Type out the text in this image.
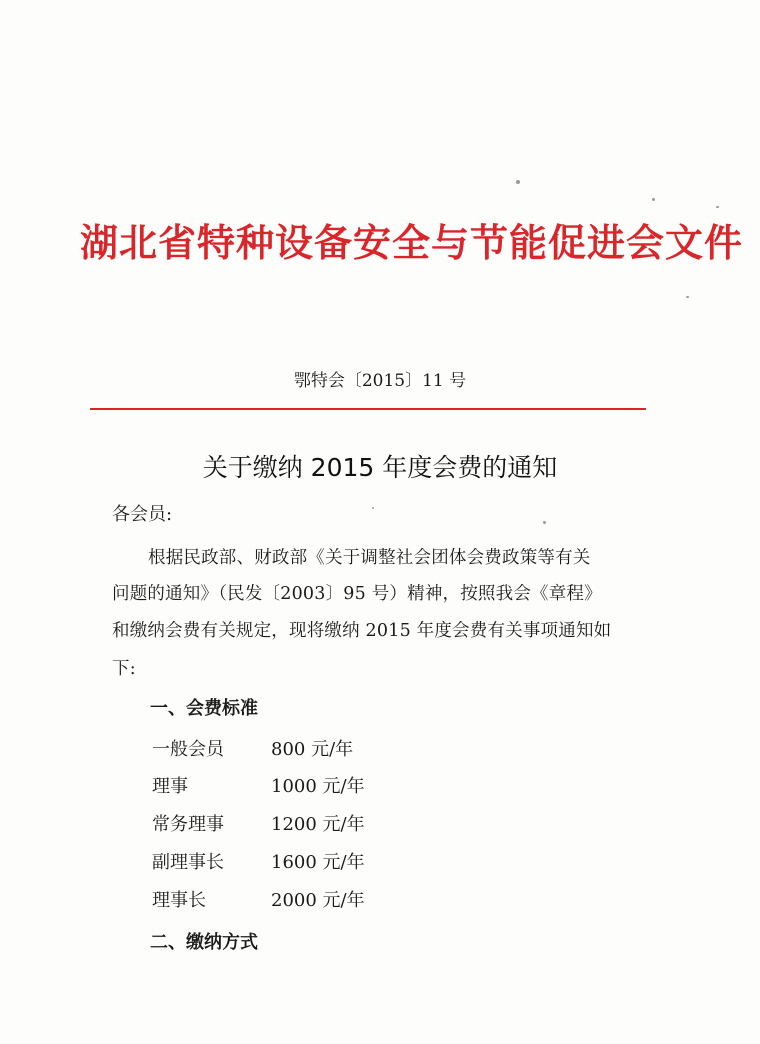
湖北省特种设备安全与节能促进会文件
鄂特会〔2015〕11 号
关于缴纳 2015 年度会费的通知
各会员:
根据民政部、财政部《关于调整社会团体会费政策等有关
问题的通知》（民发〔2003〕95 号）精神，按照我会《章程》
和缴纳会费有关规定，现将缴纳 2015 年度会费有关事项通知如
下:
一、会费标准
一般会员	800 元/年
理事	1000 元/年
常务理事	1200 元/年
副理事长	1600 元/年
理事长	2000 元/年
二、缴纳方式
